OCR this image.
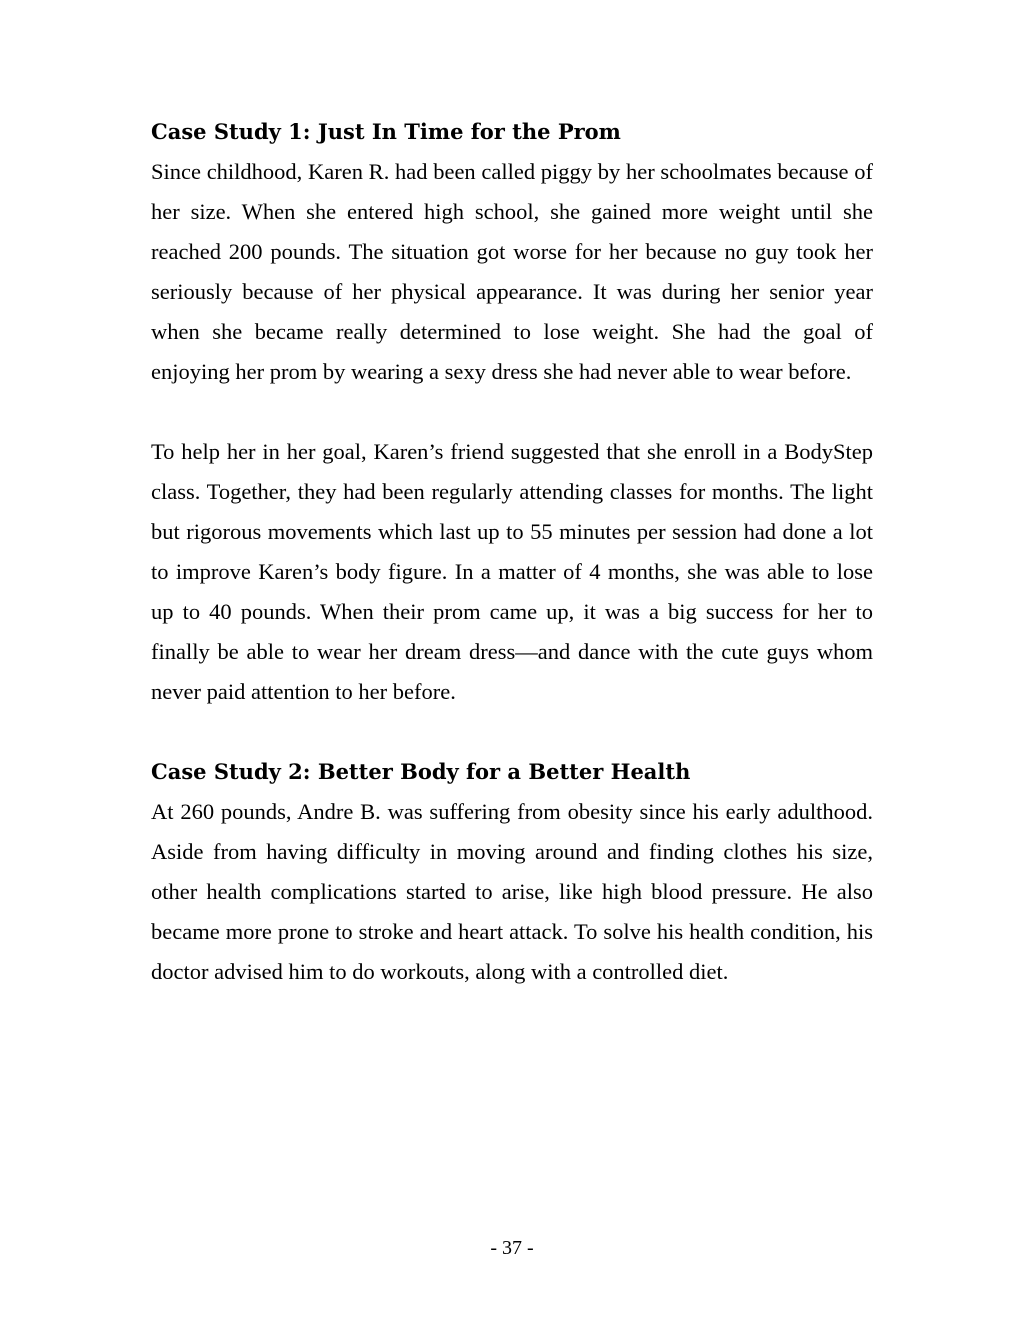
Case Study 1: Just In Time for the Prom

Since childhood, Karen R. had been called piggy by her schoolmates because of her size. When she entered high school, she gained more weight until she reached 200 pounds. The situation got worse for her because no guy took her seriously because of her physical appearance. It was during her senior year when she became really determined to lose weight. She had the goal of enjoying her prom by wearing a sexy dress she had never able to wear before.

To help her in her goal, Karen’s friend suggested that she enroll in a BodyStep class. Together, they had been regularly attending classes for months. The light but rigorous movements which last up to 55 minutes per session had done a lot to improve Karen’s body figure. In a matter of 4 months, she was able to lose up to 40 pounds. When their prom came up, it was a big success for her to finally be able to wear her dream dress—and dance with the cute guys whom never paid attention to her before.

Case Study 2: Better Body for a Better Health

At 260 pounds, Andre B. was suffering from obesity since his early adulthood. Aside from having difficulty in moving around and finding clothes his size, other health complications started to arise, like high blood pressure. He also became more prone to stroke and heart attack. To solve his health condition, his doctor advised him to do workouts, along with a controlled diet.

- 37 -
